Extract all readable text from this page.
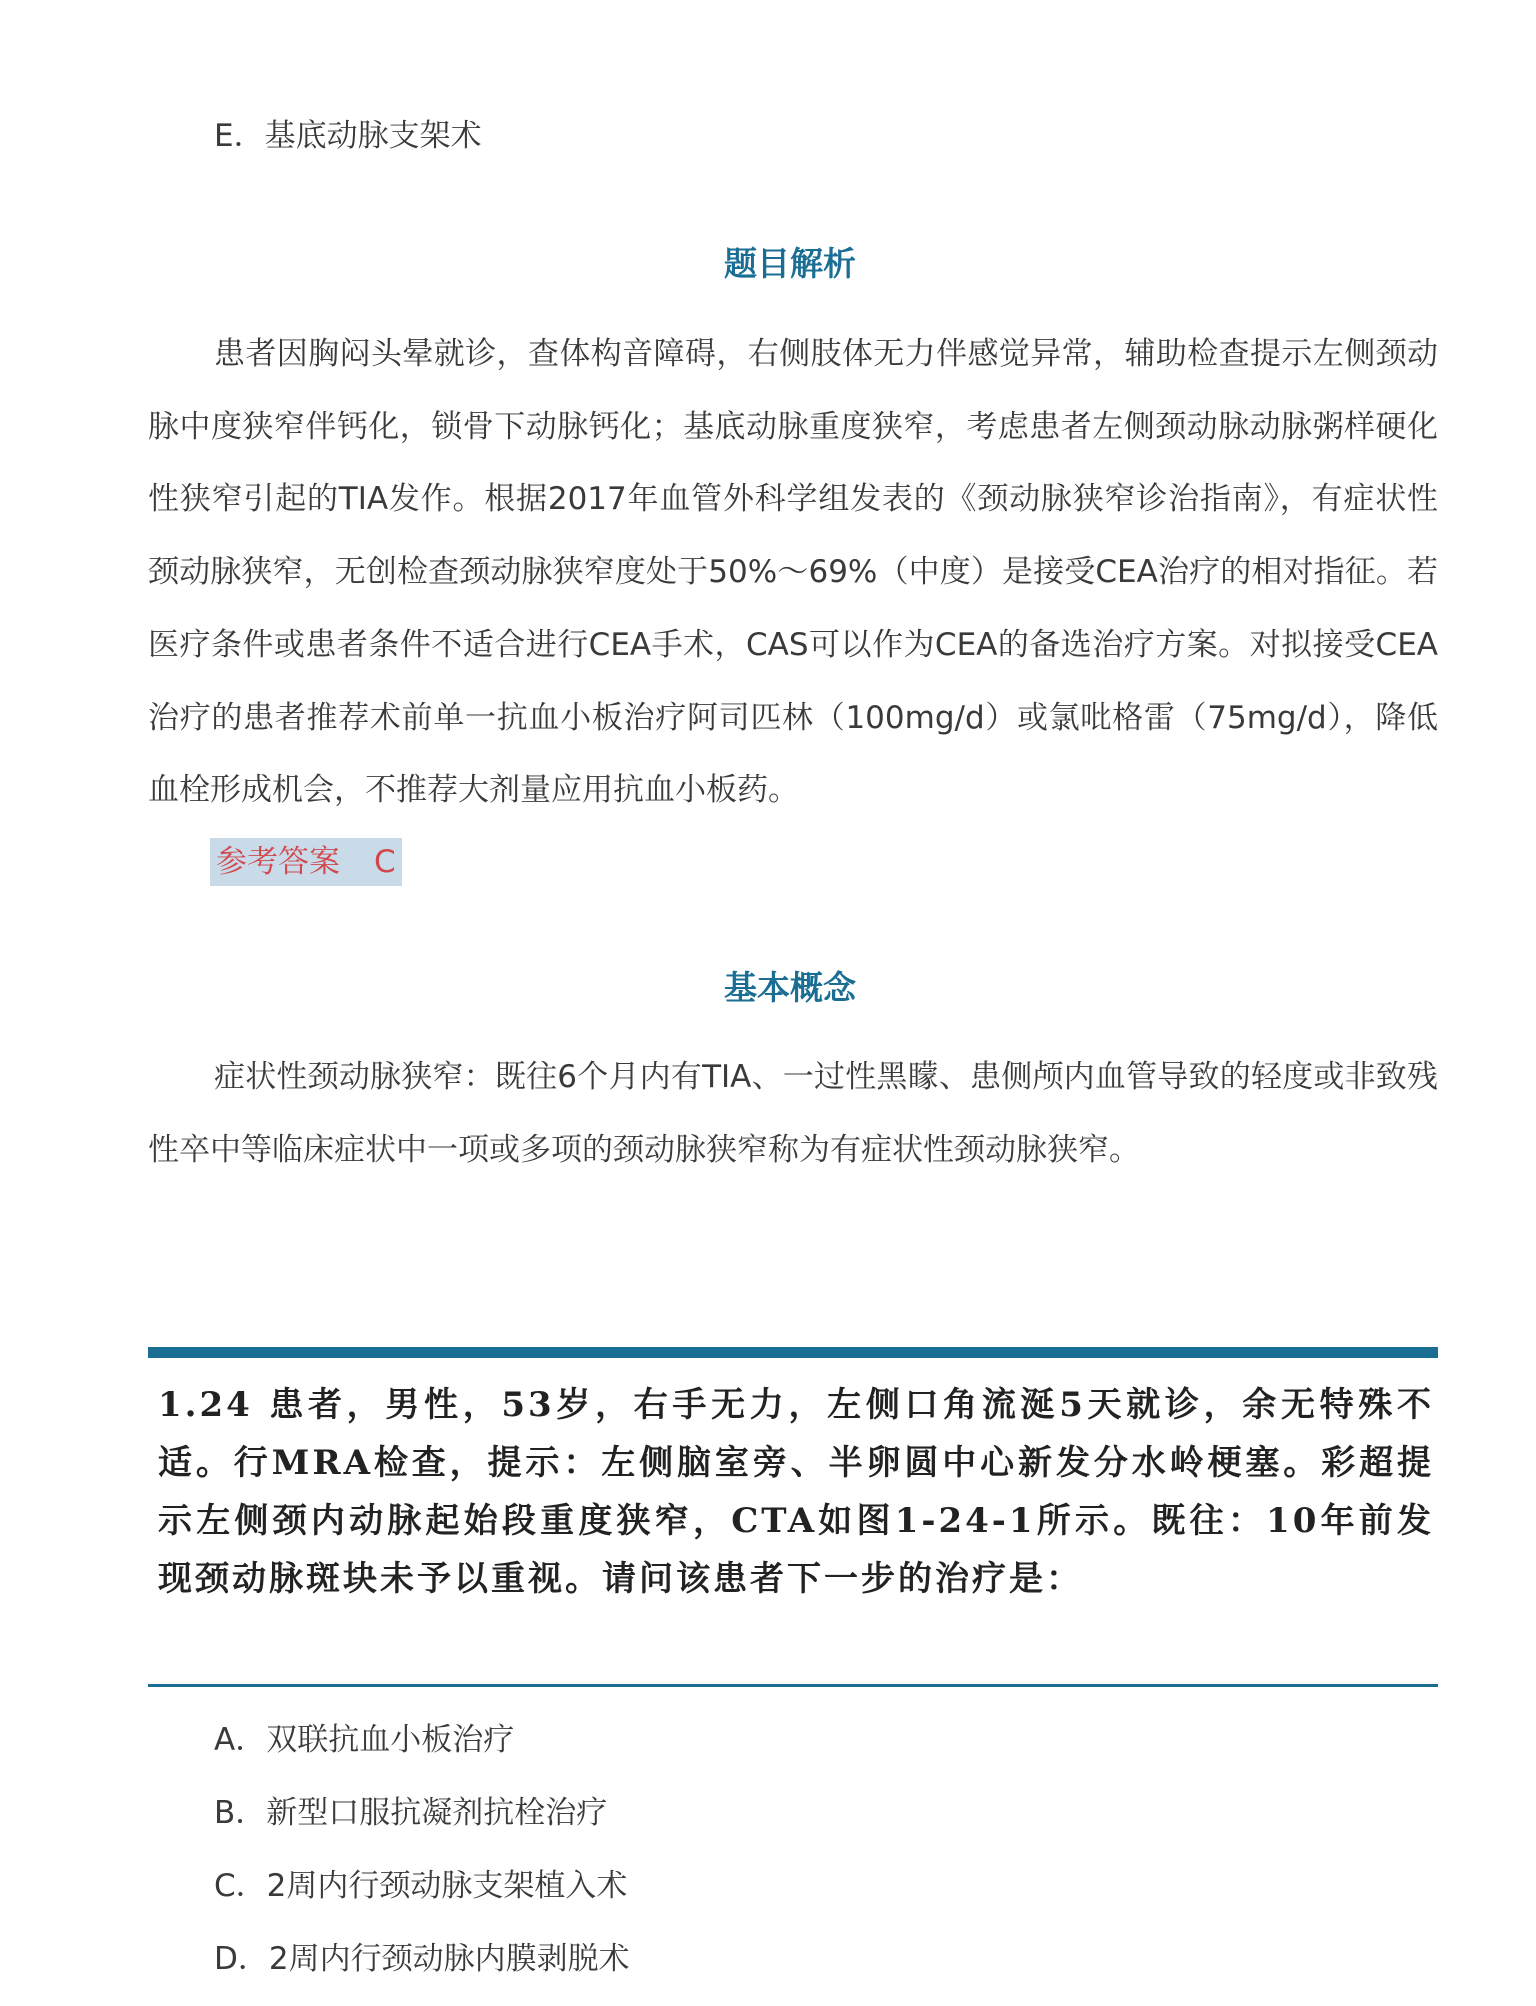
E．基底动脉支架术
题目解析

患者因胸闷头晕就诊，查体构音障碍，右侧肢体无力伴感觉异常，辅助检查提示左侧颈动脉中度狭窄伴钙化，锁骨下动脉钙化；基底动脉重度狭窄，考虑患者左侧颈动脉动脉粥样硬化性狭窄引起的TIA发作。根据2017年血管外科学组发表的《颈动脉狭窄诊治指南》，有症状性颈动脉狭窄，无创检查颈动脉狭窄度处于50%～69%（中度）是接受CEA治疗的相对指征。若医疗条件或患者条件不适合进行CEA手术，CAS可以作为CEA的备选治疗方案。对拟接受CEA治疗的患者推荐术前单一抗血小板治疗阿司匹林（100mg/d）或氯吡格雷（75mg/d），降低血栓形成机会，不推荐大剂量应用抗血小板药。

参考答案 C
基本概念

症状性颈动脉狭窄：既往6个月内有TIA、一过性黑矇、患侧颅内血管导致的轻度或非致残性卒中等临床症状中一项或多项的颈动脉狭窄称为有症状性颈动脉狭窄。

1.24 患者，男性，53岁，右手无力，左侧口角流涎5天就诊，余无特殊不适。行MRA检查，提示：左侧脑室旁、半卵圆中心新发分水岭梗塞。彩超提示左侧颈内动脉起始段重度狭窄，CTA如图1-24-1所示。既往：10年前发现颈动脉斑块未予以重视。请问该患者下一步的治疗是：

A．双联抗血小板治疗
B．新型口服抗凝剂抗栓治疗
C．2周内行颈动脉支架植入术
D．2周内行颈动脉内膜剥脱术
